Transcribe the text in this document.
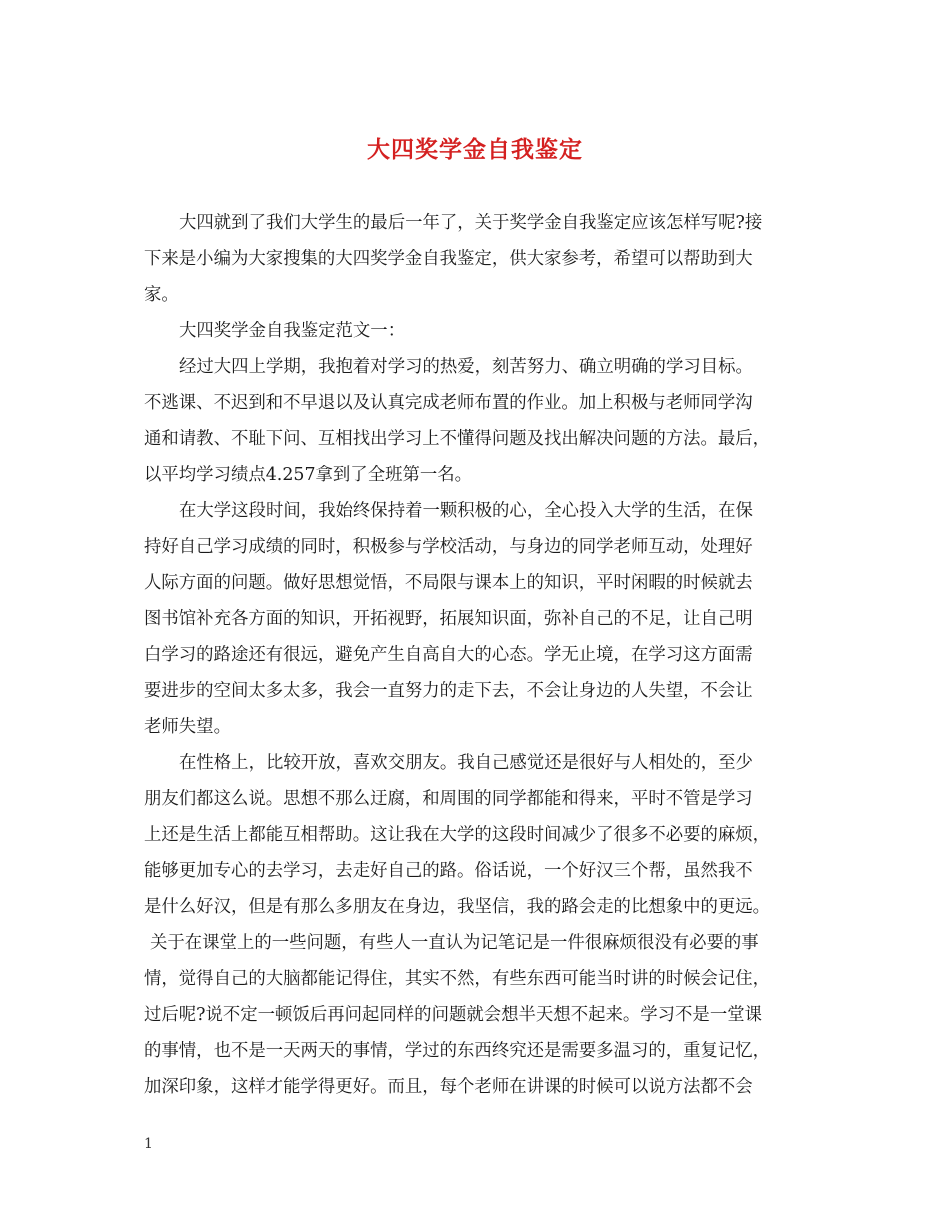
大四奖学金自我鉴定
大四就到了我们大学生的最后一年了，关于奖学金自我鉴定应该怎样写呢?接
下来是小编为大家搜集的大四奖学金自我鉴定，供大家参考，希望可以帮助到大
家。
大四奖学金自我鉴定范文一：
经过大四上学期，我抱着对学习的热爱，刻苦努力、确立明确的学习目标。
不逃课、不迟到和不早退以及认真完成老师布置的作业。加上积极与老师同学沟
通和请教、不耻下问、互相找出学习上不懂得问题及找出解决问题的方法。最后，
以平均学习绩点4.257拿到了全班第一名。
在大学这段时间，我始终保持着一颗积极的心，全心投入大学的生活，在保
持好自己学习成绩的同时，积极参与学校活动，与身边的同学老师互动，处理好
人际方面的问题。做好思想觉悟，不局限与课本上的知识，平时闲暇的时候就去
图书馆补充各方面的知识，开拓视野，拓展知识面，弥补自己的不足，让自己明
白学习的路途还有很远，避免产生自高自大的心态。学无止境，在学习这方面需
要进步的空间太多太多，我会一直努力的走下去，不会让身边的人失望，不会让
老师失望。
在性格上，比较开放，喜欢交朋友。我自己感觉还是很好与人相处的，至少
朋友们都这么说。思想不那么迂腐，和周围的同学都能和得来，平时不管是学习
上还是生活上都能互相帮助。这让我在大学的这段时间减少了很多不必要的麻烦，
能够更加专心的去学习，去走好自己的路。俗话说，一个好汉三个帮，虽然我不
是什么好汉，但是有那么多朋友在身边，我坚信，我的路会走的比想象中的更远。
关于在课堂上的一些问题，有些人一直认为记笔记是一件很麻烦很没有必要的事
情，觉得自己的大脑都能记得住，其实不然，有些东西可能当时讲的时候会记住，
过后呢?说不定一顿饭后再问起同样的问题就会想半天想不起来。学习不是一堂课
的事情，也不是一天两天的事情，学过的东西终究还是需要多温习的，重复记忆，
加深印象，这样才能学得更好。而且，每个老师在讲课的时候可以说方法都不会
1
